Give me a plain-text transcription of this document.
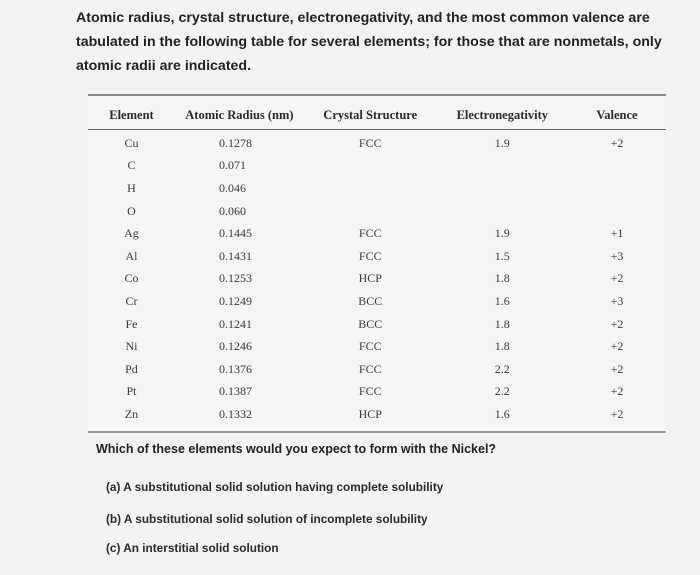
Atomic radius, crystal structure, electronegativity, and the most common valence are tabulated in the following table for several elements; for those that are nonmetals, only atomic radii are indicated.
Element	Atomic Radius (nm)	Crystal Structure	Electronegativity	Valence
Cu	0.1278	FCC	1.9	+2
C	0.071			
H	0.046			
O	0.060			
Ag	0.1445	FCC	1.9	+1
Al	0.1431	FCC	1.5	+3
Co	0.1253	HCP	1.8	+2
Cr	0.1249	BCC	1.6	+3
Fe	0.1241	BCC	1.8	+2
Ni	0.1246	FCC	1.8	+2
Pd	0.1376	FCC	2.2	+2
Pt	0.1387	FCC	2.2	+2
Zn	0.1332	HCP	1.6	+2
Which of these elements would you expect to form with the Nickel?
(a) A substitutional solid solution having complete solubility
(b) A substitutional solid solution of incomplete solubility
(c) An interstitial solid solution
